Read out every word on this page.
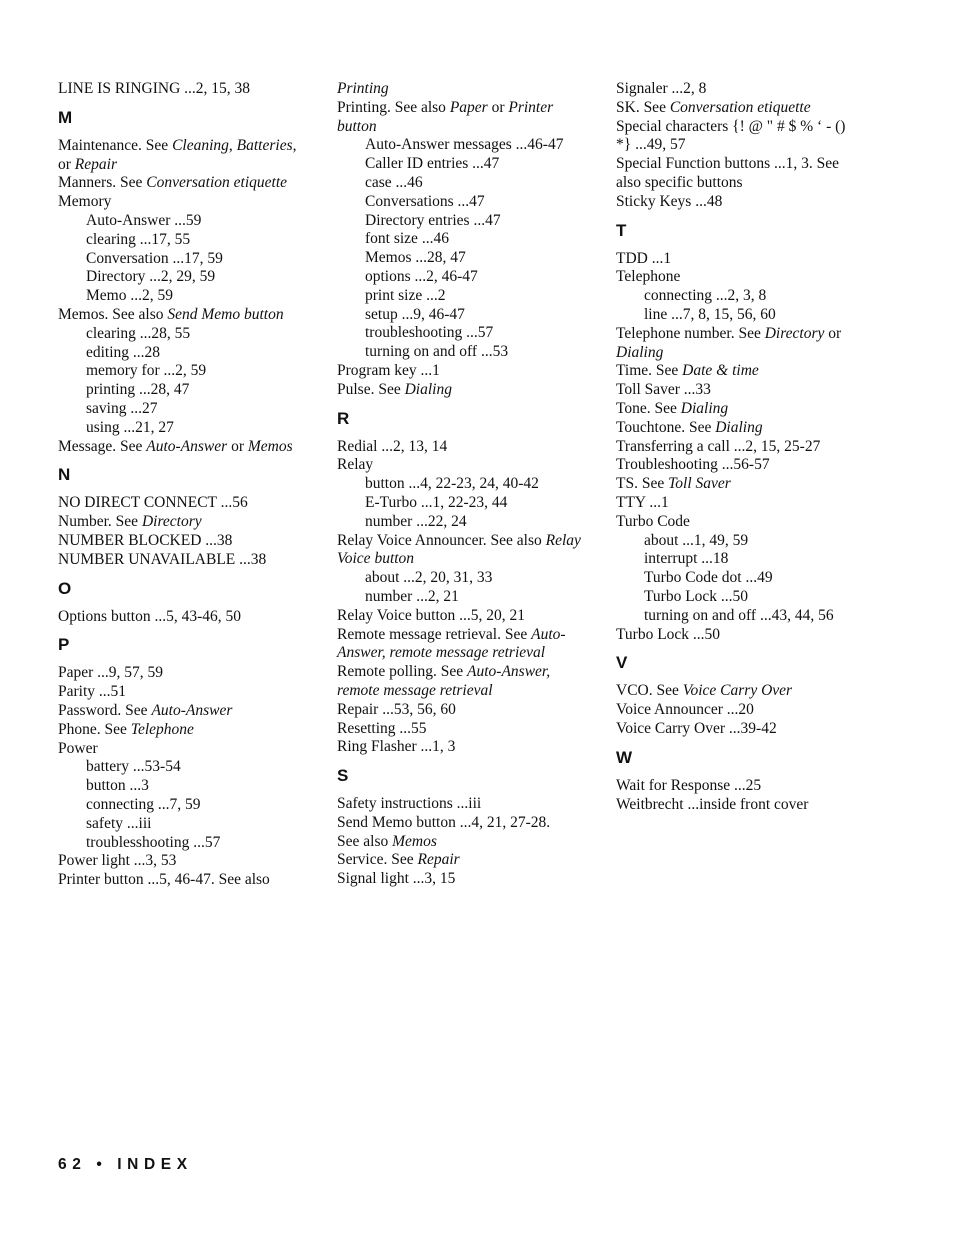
LINE IS RINGING ...2, 15, 38
M
Maintenance. See Cleaning, Batteries, or Repair
Manners. See Conversation etiquette
Memory
Auto-Answer ...59
clearing ...17, 55
Conversation ...17, 59
Directory ...2, 29, 59
Memo ...2, 59
Memos. See also Send Memo button
clearing ...28, 55
editing ...28
memory for ...2, 59
printing ...28, 47
saving ...27
using ...21, 27
Message. See Auto-Answer or Memos
N
NO DIRECT CONNECT ...56
Number. See Directory
NUMBER BLOCKED ...38
NUMBER UNAVAILABLE ...38
O
Options button ...5, 43-46, 50
P
Paper ...9, 57, 59
Parity ...51
Password. See Auto-Answer
Phone. See Telephone
Power
battery ...53-54
button ...3
connecting ...7, 59
safety ...iii
troublesshooting ...57
Power light ...3, 53
Printer button ...5, 46-47. See also
Printing
Printing. See also Paper or Printer button
Auto-Answer messages ...46-47
Caller ID entries ...47
case ...46
Conversations ...47
Directory entries ...47
font size ...46
Memos ...28, 47
options ...2, 46-47
print size ...2
setup ...9, 46-47
troubleshooting ...57
turning on and off ...53
Program key ...1
Pulse. See Dialing
R
Redial ...2, 13, 14
Relay
button ...4, 22-23, 24, 40-42
E-Turbo ...1, 22-23, 44
number ...22, 24
Relay Voice Announcer. See also Relay Voice button
about ...2, 20, 31, 33
number ...2, 21
Relay Voice button ...5, 20, 21
Remote message retrieval. See Auto-Answer, remote message retrieval
Remote polling. See Auto-Answer, remote message retrieval
Repair ...53, 56, 60
Resetting ...55
Ring Flasher ...1, 3
S
Safety instructions ...iii
Send Memo button ...4, 21, 27-28.
See also Memos
Service. See Repair
Signal light ...3, 15
Signaler ...2, 8
SK. See Conversation etiquette
Special characters {! @ " # $ % ‘ - ()
*} ...49, 57
Special Function buttons ...1, 3. See
also specific buttons
Sticky Keys ...48
T
TDD ...1
Telephone
connecting ...2, 3, 8
line ...7, 8, 15, 56, 60
Telephone number. See Directory or Dialing
Time. See Date & time
Toll Saver ...33
Tone. See Dialing
Touchtone. See Dialing
Transferring a call ...2, 15, 25-27
Troubleshooting ...56-57
TS. See Toll Saver
TTY ...1
Turbo Code
about ...1, 49, 59
interrupt ...18
Turbo Code dot ...49
Turbo Lock ...50
turning on and off ...43, 44, 56
Turbo Lock ...50
V
VCO. See Voice Carry Over
Voice Announcer ...20
Voice Carry Over ...39-42
W
Wait for Response ...25
Weitbrecht ...inside front cover
62 • INDEX
